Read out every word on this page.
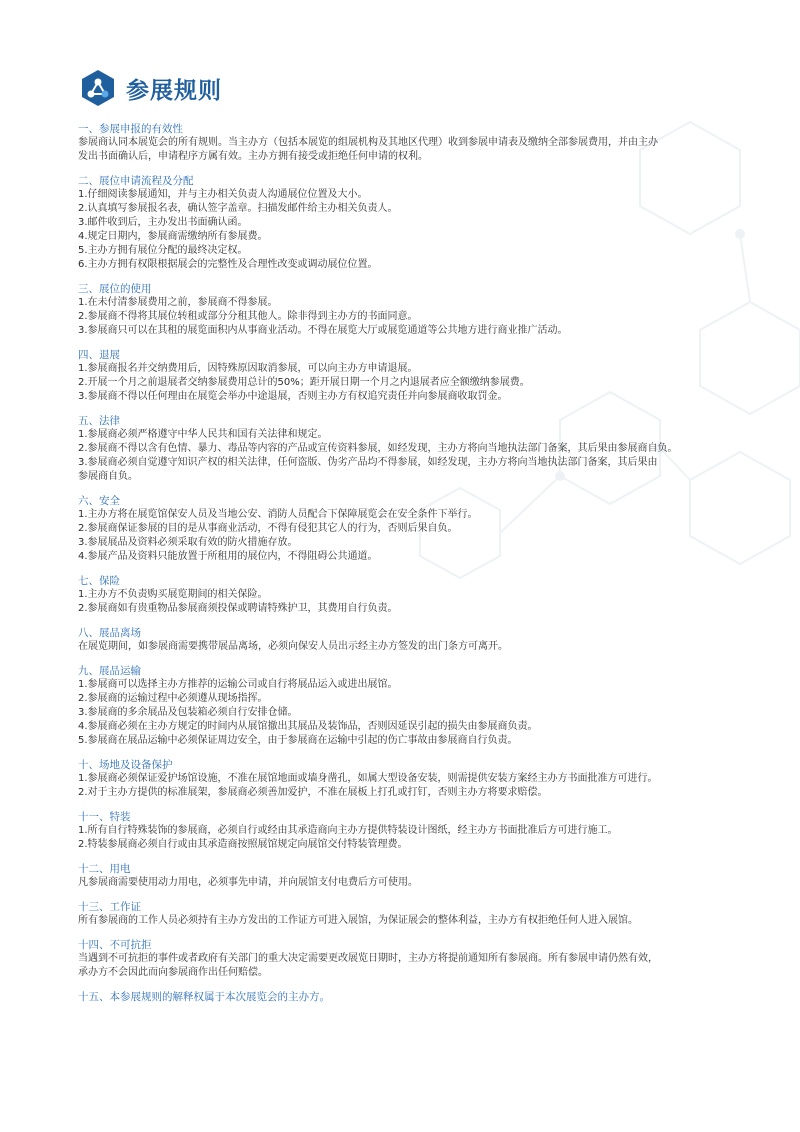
参展规则
一、参展申报的有效性
参展商认同本展览会的所有规则。当主办方（包括本展览的组展机构及其地区代理）收到参展申请表及缴纳全部参展费用，并由主办
发出书面确认后，申请程序方属有效。主办方拥有接受或拒绝任何申请的权利。
二、展位申请流程及分配
1.仔细阅读参展通知，并与主办相关负责人沟通展位位置及大小。
2.认真填写参展报名表，确认签字盖章。扫描发邮件给主办相关负责人。
3.邮件收到后，主办发出书面确认函。
4.规定日期内，参展商需缴纳所有参展费。
5.主办方拥有展位分配的最终决定权。
6.主办方拥有权限根据展会的完整性及合理性改变或调动展位位置。
三、展位的使用
1.在未付清参展费用之前，参展商不得参展。
2.参展商不得将其展位转租或部分分租其他人。除非得到主办方的书面同意。
3.参展商只可以在其租的展览面积内从事商业活动。不得在展览大厅或展览通道等公共地方进行商业推广活动。
四、退展
1.参展商报名并交纳费用后，因特殊原因取消参展，可以向主办方申请退展。
2.开展一个月之前退展者交纳参展费用总计的50%；距开展日期一个月之内退展者应全额缴纳参展费。
3.参展商不得以任何理由在展览会举办中途退展，否则主办方有权追究责任并向参展商收取罚金。
五、法律
1.参展商必须严格遵守中华人民共和国有关法律和规定。
2.参展商不得以含有色情、暴力、毒品等内容的产品或宣传资料参展，如经发现，主办方将向当地执法部门备案，其后果由参展商自负。
3.参展商必须自觉遵守知识产权的相关法律，任何盗版、伪劣产品均不得参展，如经发现，主办方将向当地执法部门备案，其后果由
参展商自负。
六、安全
1.主办方将在展览馆保安人员及当地公安、消防人员配合下保障展览会在安全条件下举行。
2.参展商保证参展的目的是从事商业活动，不得有侵犯其它人的行为，否则后果自负。
3.参展展品及资料必须采取有效的防火措施存放。
4.参展产品及资料只能放置于所租用的展位内，不得阻碍公共通道。
七、保险
1.主办方不负责购买展览期间的相关保险。
2.参展商如有贵重物品参展商须投保或聘请特殊护卫，其费用自行负责。
八、展品离场
在展览期间，如参展商需要携带展品离场，必须向保安人员出示经主办方签发的出门条方可离开。
九、展品运输
1.参展商可以选择主办方推荐的运输公司或自行将展品运入或进出展馆。
2.参展商的运输过程中必须遵从现场指挥。
3.参展商的多余展品及包装箱必须自行安排仓储。
4.参展商必须在主办方规定的时间内从展馆撤出其展品及装饰品，否则因延误引起的损失由参展商负责。
5.参展商在展品运输中必须保证周边安全，由于参展商在运输中引起的伤亡事故由参展商自行负责。
十、场地及设备保护
1.参展商必须保证爱护场馆设施，不准在展馆地面或墙身凿孔，如属大型设备安装，则需提供安装方案经主办方书面批准方可进行。
2.对于主办方提供的标准展架，参展商必须善加爱护，不准在展板上打孔或打钉，否则主办方将要求赔偿。
十一、特装
1.所有自行特殊装饰的参展商，必须自行或经由其承造商向主办方提供特装设计图纸，经主办方书面批准后方可进行施工。
2.特装参展商必须自行或由其承造商按照展馆规定向展馆交付特装管理费。
十二、用电
凡参展商需要使用动力用电，必须事先申请，并向展馆支付电费后方可使用。
十三、工作证
所有参展商的工作人员必须持有主办方发出的工作证方可进入展馆，为保证展会的整体利益，主办方有权拒绝任何人进入展馆。
十四、不可抗拒
当遇到不可抗拒的事件或者政府有关部门的重大决定需要更改展览日期时，主办方将提前通知所有参展商。所有参展申请仍然有效，
承办方不会因此而向参展商作出任何赔偿。
十五、本参展规则的解释权属于本次展览会的主办方。
